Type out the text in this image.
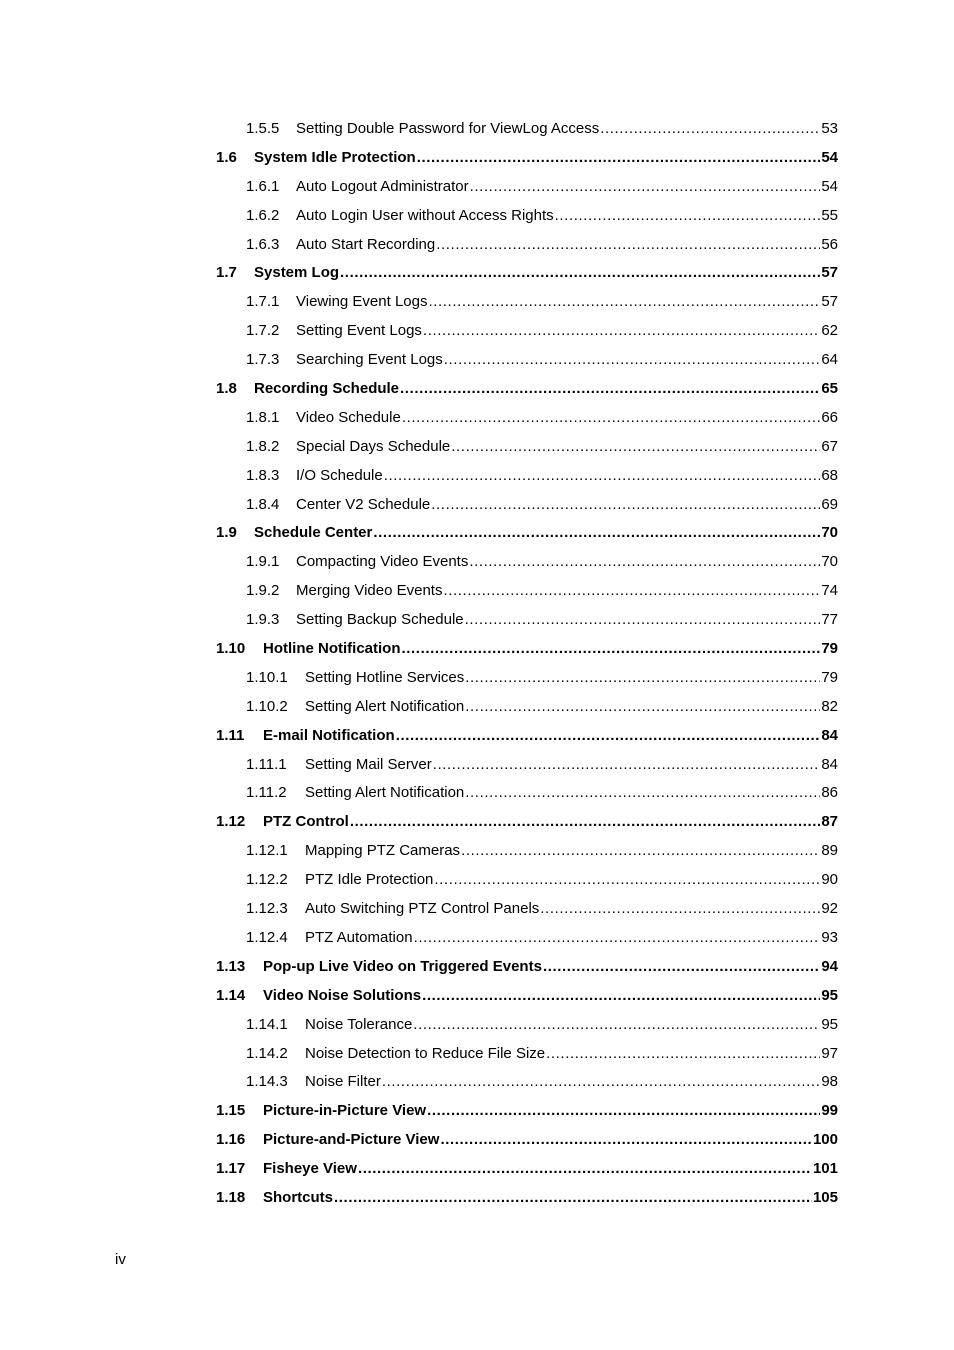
1.5.5 Setting Double Password for ViewLog Access .....	53
1.6 System Idle Protection .....	54
1.6.1 Auto Logout Administrator .....	54
1.6.2 Auto Login User without Access Rights .....	55
1.6.3 Auto Start Recording .....	56
1.7 System Log .....	57
1.7.1 Viewing Event Logs .....	57
1.7.2 Setting Event Logs .....	62
1.7.3 Searching Event Logs .....	64
1.8 Recording Schedule .....	65
1.8.1 Video Schedule .....	66
1.8.2 Special Days Schedule .....	67
1.8.3 I/O Schedule .....	68
1.8.4 Center V2 Schedule .....	69
1.9 Schedule Center .....	70
1.9.1 Compacting Video Events .....	70
1.9.2 Merging Video Events .....	74
1.9.3 Setting Backup Schedule .....	77
1.10 Hotline Notification .....	79
1.10.1 Setting Hotline Services .....	79
1.10.2 Setting Alert Notification .....	82
1.11 E-mail Notification .....	84
1.11.1 Setting Mail Server .....	84
1.11.2 Setting Alert Notification .....	86
1.12 PTZ Control .....	87
1.12.1 Mapping PTZ Cameras .....	89
1.12.2 PTZ Idle Protection .....	90
1.12.3 Auto Switching PTZ Control Panels .....	92
1.12.4 PTZ Automation .....	93
1.13 Pop-up Live Video on Triggered Events .....	94
1.14 Video Noise Solutions .....	95
1.14.1 Noise Tolerance .....	95
1.14.2 Noise Detection to Reduce File Size .....	97
1.14.3 Noise Filter .....	98
1.15 Picture-in-Picture View .....	99
1.16 Picture-and-Picture View .....	100
1.17 Fisheye View .....	101
1.18 Shortcuts .....	105
iv
